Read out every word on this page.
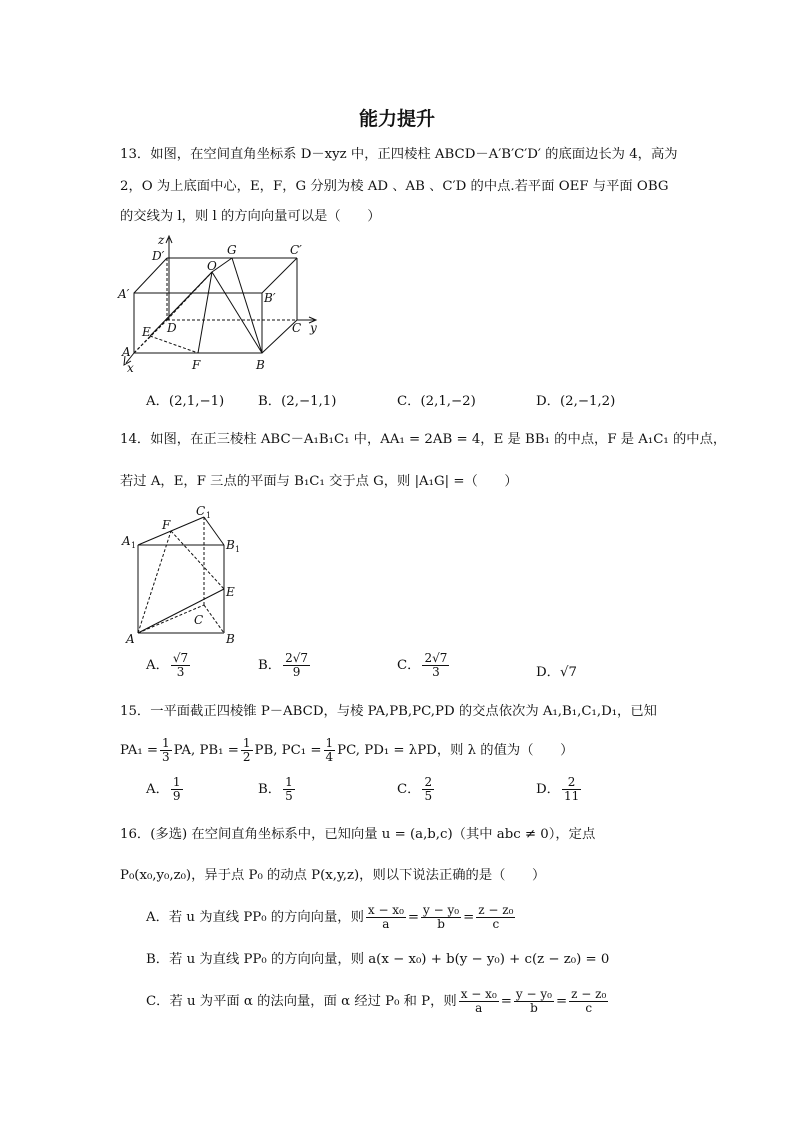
能力提升
13．如图，在空间直角坐标系 D－xyz 中，正四棱柱 ABCD－A′B′C′D′ 的底面边长为 4，高为
2，O 为上底面中心，E，F，G 分别为棱 AD 、AB 、C′D 的中点.若平面 OEF 与平面 OBG
的交线为 l，则 l 的方向向量可以是（　　）
z
D′	G	C′
O
A′	B′
E D	C y
A
F	B
x
A．(2,1,−1)	B．(2,−1,1)	C．(2,1,−2)	D．(2,−1,2)
14．如图，在正三棱柱 ABC－A₁B₁C₁ 中，AA₁ = 2AB = 4，E 是 BB₁ 的中点，F 是 A₁C₁ 的中点，
若过 A，E，F 三点的平面与 B₁C₁ 交于点 G，则 |A₁G| =（　　）
C 1
F
A 1	B 1
E
C
A	B
A． $\frac{√7}{3}$	B． $\frac{2√7}{9}$	C． $\frac{2√7}{3}$	D．√7
15．一平面截正四棱锥 P－ABCD，与棱 PA,PB,PC,PD 的交点依次为 A₁,B₁,C₁,D₁，已知
$PA_1 = \frac{1}{3}$ PA, $PB_1 = \frac{1}{2}$ PB, $PC_1 = \frac{1}{4}$ PC, PD₁ = λPD，则 λ 的值为（　　）
A． $\frac{1}{9}$	B． $\frac{1}{5}$	C． $\frac{2}{5}$	D． $\frac{2}{11}$
16．(多选) 在空间直角坐标系中，已知向量 u = (a,b,c)（其中 abc ≠ 0），定点
P₀(x₀,y₀,z₀)，异于点 P₀ 的动点 P(x,y,z)，则以下说法正确的是（　　）
A．若 u 为直线 PP₀ 的方向向量，则 $\frac{\text{x − x₀}}{a} = \frac{\text{y − y₀}}{b} = \frac{\text{z − z₀}}{c}$
B．若 u 为直线 PP₀ 的方向向量，则 a(x − x₀) + b(y − y₀) + c(z − z₀) = 0
C．若 u 为平面 α 的法向量，面 α 经过 P₀ 和 P，则 $\frac{\text{x − x₀}}{a} = \frac{\text{y − y₀}}{b} = \frac{\text{z − z₀}}{c}$
